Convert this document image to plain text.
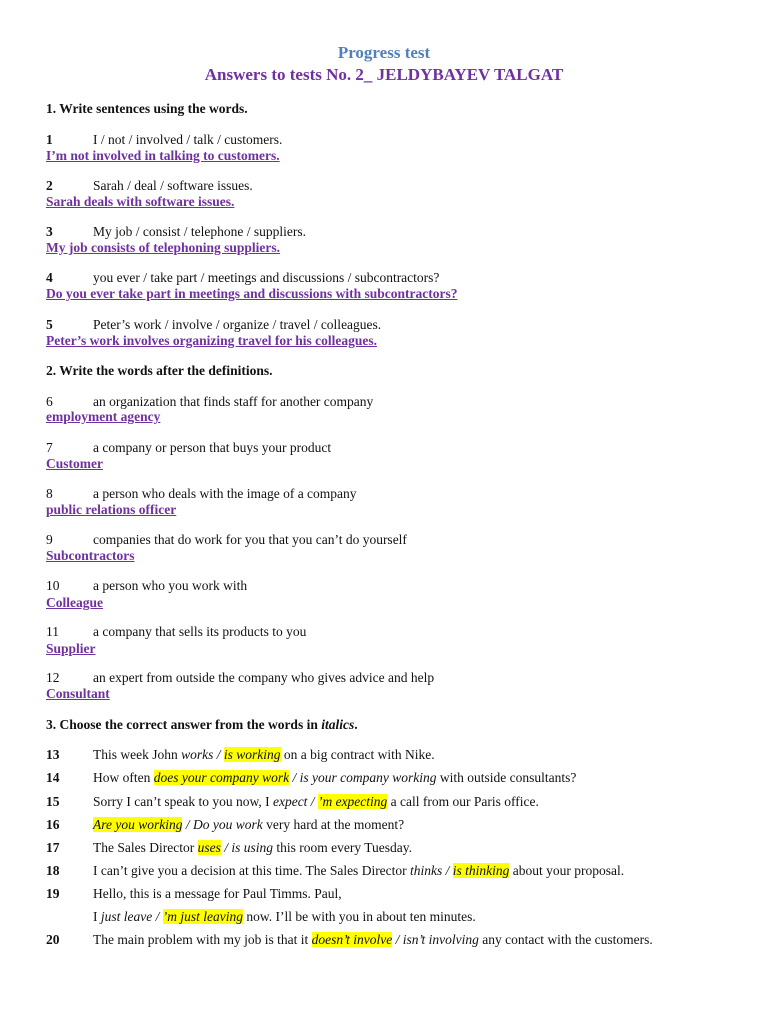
Progress test
Answers to tests No. 2_ JELDYBAYEV TALGAT
1. Write sentences using the words.
1	I / not / involved / talk / customers.
I’m not involved in talking to customers.
2	Sarah / deal / software issues.
Sarah deals with software issues.
3	My job / consist / telephone / suppliers.
My job consists of telephoning suppliers.
4	you ever / take part / meetings and discussions / subcontractors?
Do you ever take part in meetings and discussions with subcontractors?
5	Peter’s work / involve / organize / travel / colleagues.
Peter’s work involves organizing travel for his colleagues.
2. Write the words after the definitions.
6	an organization that finds staff for another company
employment agency
7	a company or person that buys your product
Customer
8	a person who deals with the image of a company
public relations officer
9	companies that do work for you that you can’t do yourself
Subcontractors
10 a person who you work with
Colleague
11	a company that sells its products to you
Supplier
12 an expert from outside the company who gives advice and help
Consultant
3. Choose the correct answer from the words in italics.
13 This week John works / is working on a big contract with Nike.
14 How often does your company work / is your company working with outside consultants?
15 Sorry I can’t speak to you now, I expect / ’m expecting a call from our Paris office.
16 Are you working / Do you work very hard at the moment?
17 The Sales Director uses / is using this room every Tuesday.
18 I can’t give you a decision at this time. The Sales Director thinks / is thinking about your proposal.
19 Hello, this is a message for Paul Timms. Paul,
I just leave / ’m just leaving now. I’ll be with you in about ten minutes.
20 The main problem with my job is that it doesn’t involve / isn’t involving any contact with the customers.
